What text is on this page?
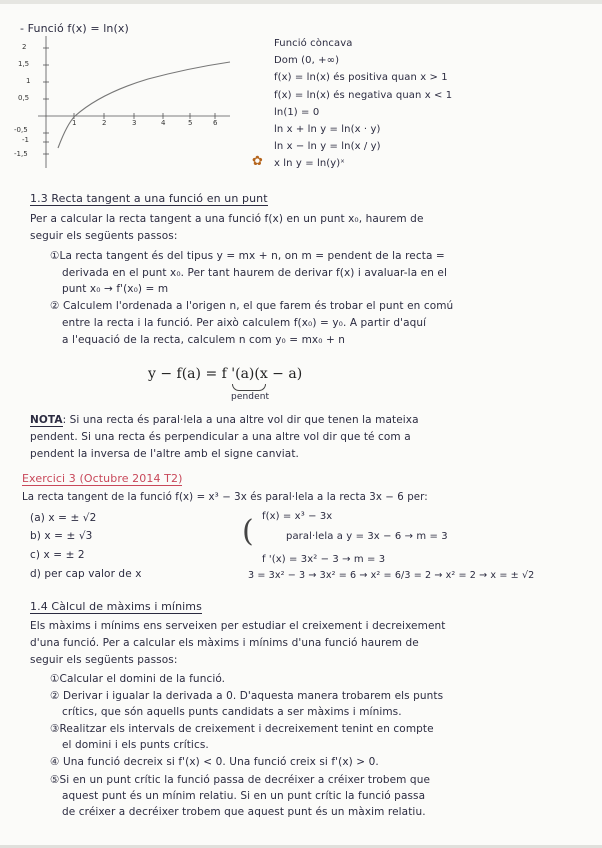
- Funció f(x) = ln(x)
2
1,5
1
0,5
-0,5
-1
-1,5
1	2	3	4	5	6
Funció còncava
Dom (0, +∞)
f(x) = ln(x) és positiva quan x > 1
f(x) = ln(x) és negativa quan x < 1
ln(1) = 0
ln x + ln y = ln(x · y)
ln x − ln y = ln(x / y)
✿ x ln y = ln(y)ˣ
1.3 Recta tangent a una funció en un punt
Per a calcular la recta tangent a una funció f(x) en un punt x₀, haurem de
seguir els següents passos:
①La recta tangent és del tipus y = mx + n, on m = pendent de la recta =
derivada en el punt x₀. Per tant haurem de derivar f(x) i avaluar-la en el
punt x₀ → f'(x₀) = m
② Calculem l'ordenada a l'origen n, el que farem és trobar el punt en comú
entre la recta i la funció. Per això calculem f(x₀) = y₀. A partir d'aquí
a l'equació de la recta, calculem n com y₀ = mx₀ + n
y − f(a) = f '(a)(x − a)
pendent
NOTA: Si una recta és paral·lela a una altre vol dir que tenen la mateixa
pendent. Si una recta és perpendicular a una altre vol dir que té com a
pendent la inversa de l'altre amb el signe canviat.
Exercici 3 (Octubre 2014 T2)
La recta tangent de la funció f(x) = x³ − 3x és paral·lela a la recta 3x − 6 per:
(a) x = ± √2
b) x = ± √3
c) x = ± 2
d) per cap valor de x
( f(x) = x³ − 3x
paral·lela a y = 3x − 6 → m = 3
f '(x) = 3x² − 3 → m = 3
3 = 3x² − 3 → 3x² = 6 → x² = 6/3 = 2 → x² = 2 → x = ± √2
1.4 Càlcul de màxims i mínims
Els màxims i mínims ens serveixen per estudiar el creixement i decreixement
d'una funció. Per a calcular els màxims i mínims d'una funció haurem de
seguir els següents passos:
①Calcular el domini de la funció.
② Derivar i igualar la derivada a 0. D'aquesta manera trobarem els punts
crítics, que són aquells punts candidats a ser màxims i mínims.
③Realitzar els intervals de creixement i decreixement tenint en compte
el domini i els punts crítics.
④ Una funció decreix si f'(x) < 0. Una funció creix si f'(x) > 0.
⑤Si en un punt crític la funció passa de decréixer a créixer trobem que
aquest punt és un mínim relatiu. Si en un punt crític la funció passa
de créixer a decréixer trobem que aquest punt és un màxim relatiu.
